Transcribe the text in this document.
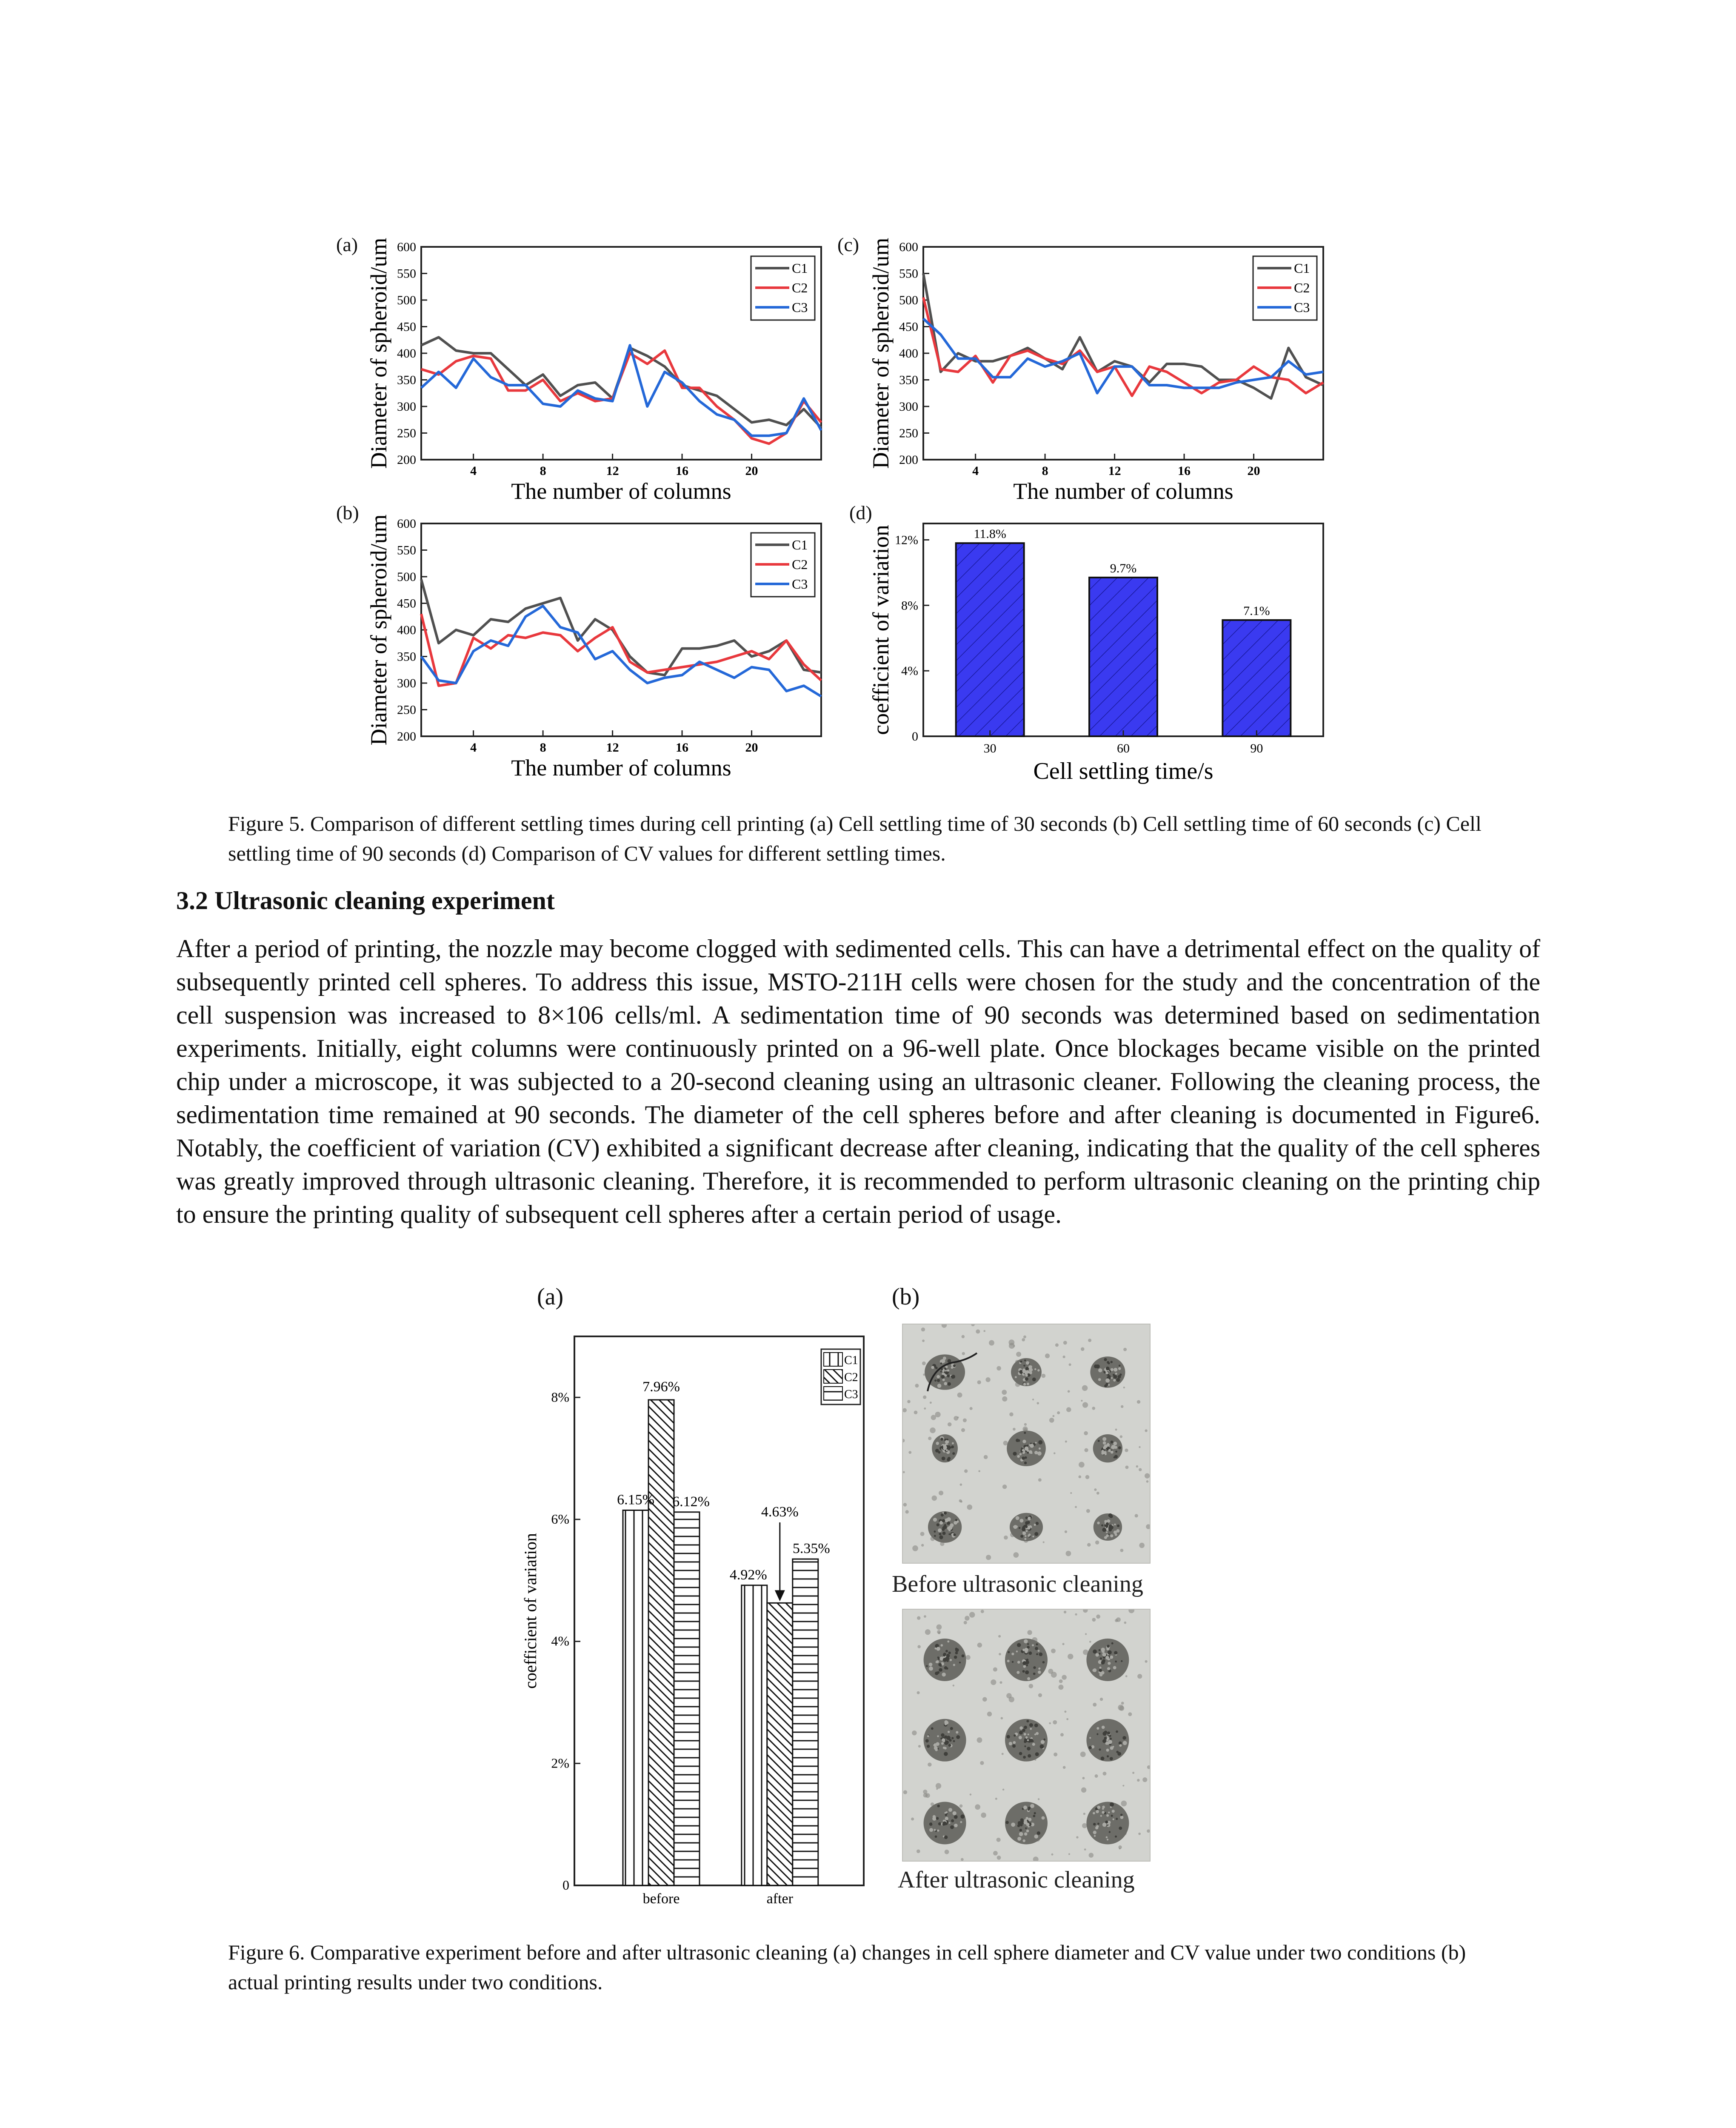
(a)
(b)
(c)
(d)
200
250
300
350
400
450
500
550
600
4	8	12	16	20
The number of columns
Diameter of spheroid/um	C1
C2
C3
200
250
300
350
400
450
500
550
600
4	8	12	16	20
The number of columns
Diameter of spheroid/um	C1
C2
C3
200
250
300
350
400
450
500
550
600
4	8	12	16	20
The number of columns
Diameter of spheroid/um	C1
C2
C3
0
4%
8%
12%	11.8%
30
9.7%
60
7.1%
90
Cell settling time/s
coefficient of variation
Figure 5. Comparison of different settling times during cell printing (a) Cell settling time of 30 seconds (b) Cell settling time of 60 seconds (c) Cell settling time of 90 seconds (d) Comparison of CV values for different settling times.
3.2 Ultrasonic cleaning experiment
After a period of printing, the nozzle may become clogged with sedimented cells. This can have a detrimental effect on the quality of subsequently printed cell spheres. To address this issue, MSTO-211H cells were chosen for the study and the concentration of the cell suspension was increased to 8×106 cells/ml. A sedimentation time of 90 seconds was determined based on sedimentation experiments. Initially, eight columns were continuously printed on a 96-well plate. Once blockages became visible on the printed chip under a microscope, it was subjected to a 20-second cleaning using an ultrasonic cleaner. Following the cleaning process, the sedimentation time remained at 90 seconds. The diameter of the cell spheres before and after cleaning is documented in Figure6. Notably, the coefficient of variation (CV) exhibited a significant decrease after cleaning, indicating that the quality of the cell spheres was greatly improved through ultrasonic cleaning. Therefore, it is recommended to perform ultrasonic cleaning on the printing chip to ensure the printing quality of subsequent cell spheres after a certain period of usage.
(a)	(b)
0
2%
4%
6%
8%
coefficient of variation
before	after
6.15%
7.96%
6.12%
4.92%
4.63%
5.35%
C1
C2
C3
Before ultrasonic cleaning
After ultrasonic cleaning
Figure 6. Comparative experiment before and after ultrasonic cleaning (a) changes in cell sphere diameter and CV value under two conditions (b) actual printing results under two conditions.
